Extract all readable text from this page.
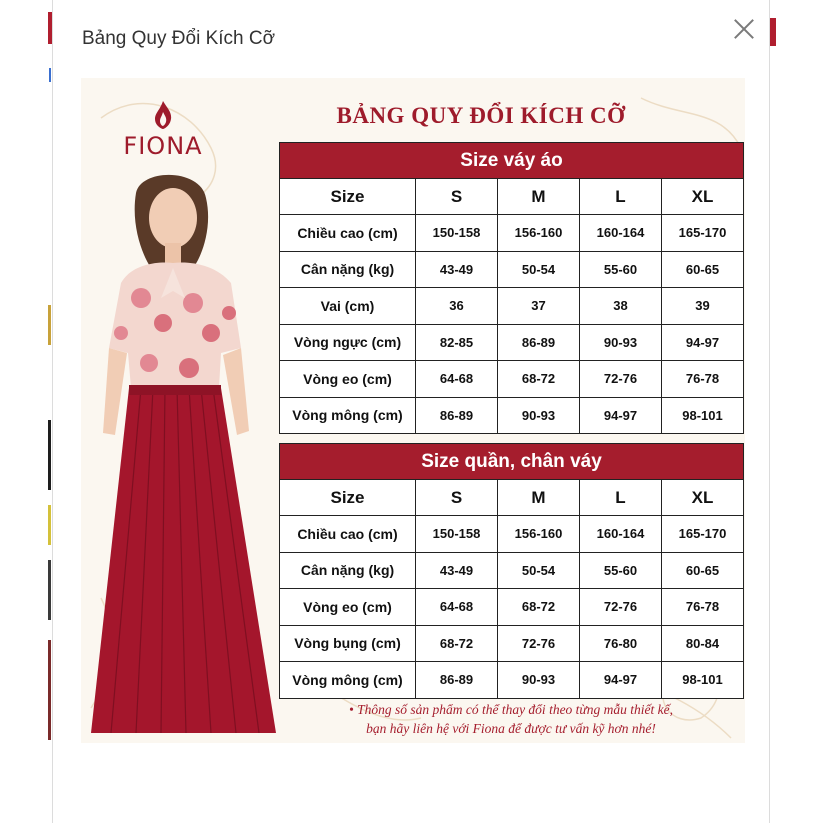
Bảng Quy Đổi Kích Cỡ
FIONA
BẢNG QUY ĐỔI KÍCH CỠ
Size váy áo				
Size	S	M	L	XL
Chiều cao (cm)	150-158	156-160	160-164	165-170
Cân nặng (kg)	43-49	50-54	55-60	60-65
Vai (cm)	36	37	38	39
Vòng ngực (cm)	82-85	86-89	90-93	94-97
Vòng eo (cm)	64-68	68-72	72-76	76-78
Vòng mông (cm)	86-89	90-93	94-97	98-101
Size quần, chân váy				
Size	S	M	L	XL
Chiều cao (cm)	150-158	156-160	160-164	165-170
Cân nặng (kg)	43-49	50-54	55-60	60-65
Vòng eo (cm)	64-68	68-72	72-76	76-78
Vòng bụng (cm)	68-72	72-76	76-80	80-84
Vòng mông (cm)	86-89	90-93	94-97	98-101
• Thông số sản phẩm có thể thay đổi theo từng mẫu thiết kế,
bạn hãy liên hệ với Fiona để được tư vấn kỹ hơn nhé!
